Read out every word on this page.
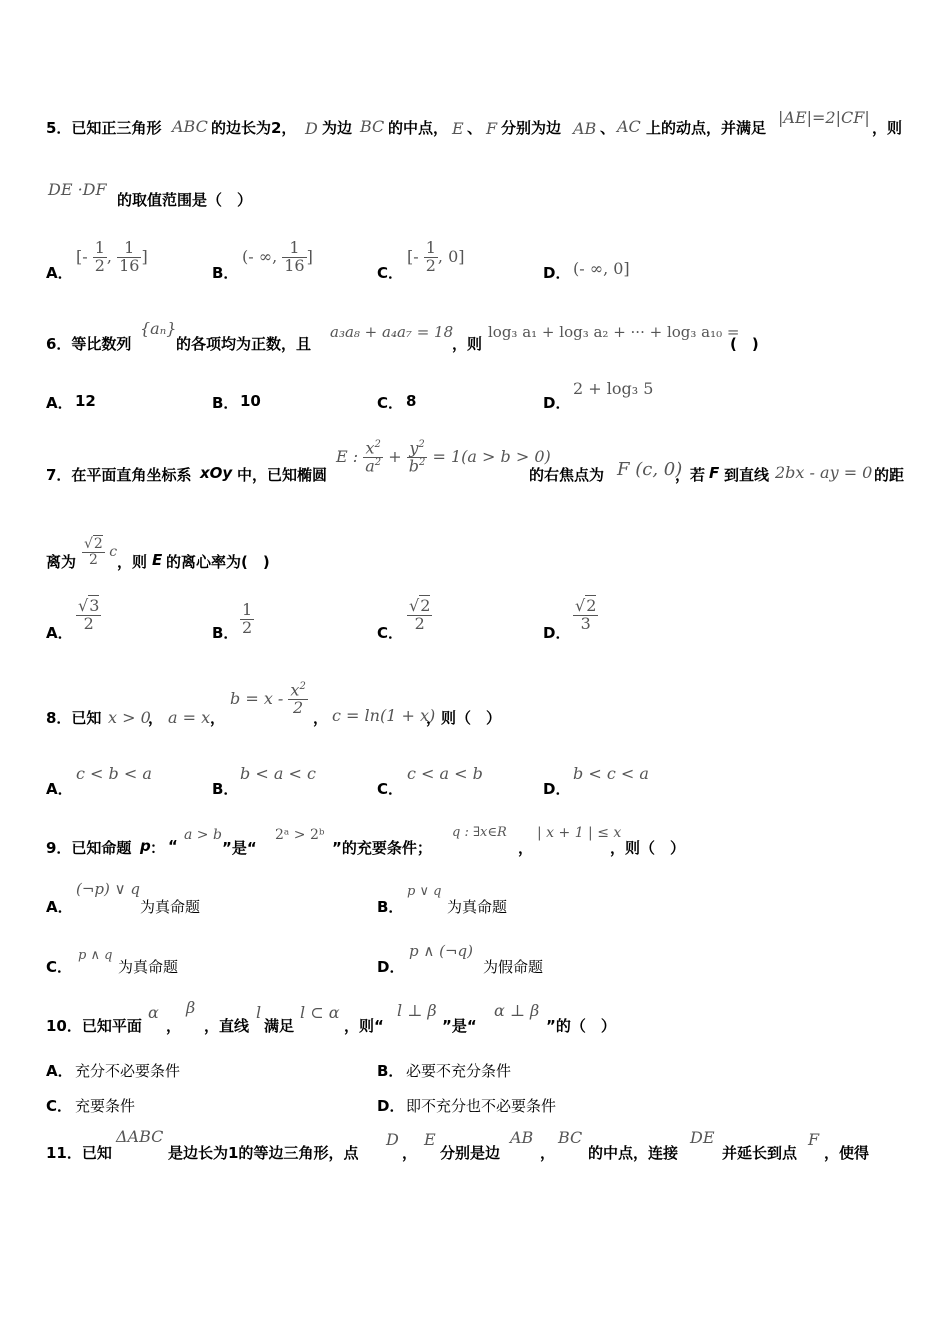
5．已知正三角形 ABC 的边长为2， D 为边 BC 的中点， E 、 F 分别为边 AB 、 AC 上的动点，并满足
|AE|=2|CF|
，则
DE ·DF
的取值范围是（　）
A．
[- $\frac{1}{2}$ , $\frac{1}{16}$ ]
B．
(- ∞, $\frac{1}{16}$ ]
C．
[- $\frac{1}{2}$ , 0]
D． (- ∞, 0]
6．等比数列
{aₙ}
的各项均为正数，且
a₃a₈ + a₄a₇ = 18
，则
log₃ a₁ + log₃ a₂ + ··· + log₃ a₁₀ =
(　)
A． 12	B． 10	C． 8	D．
2 + log₃ 5
7．在平面直角坐标系 xOy 中，已知椭圆
E : $\frac{x^2}{a^2} + \frac{y^2}{b^2} = 1(a > b > 0)$
的右焦点为 F (c, 0)
，若 F 到直线 2bx - ay = 0 的距
离为 $\frac{√2}{2}$ c
，则 E 的离心率为(　)
A．
$\frac{√3}{2}$
B． $\frac{1}{2}$	C．
$\frac{√2}{2}$
D．
$\frac{√2}{3}$
8．已知 x > 0
， a = x ，
$b = x - \frac{x^2}{2}$
， c = ln(1 + x)
，则（　）
A．
c < b < a
B．
b < a < c
C．
c < a < b
D．
b < c < a
9．已知命题 p ： “
a > b
”是“
2ᵃ > 2ᵇ
”的充要条件；
q : ∃x∈R
，
| x + 1 | ≤ x
，则（　）
A．
(¬p) ∨ q
为真命题	B．
p ∨ q
为真命题
C．
p ∧ q
为真命题	D．
p ∧ (¬q)
为假命题
10．已知平面
α
，
β
，直线
l
满足
l ⊂ α
，则“
l ⊥ β
”是“
α ⊥ β
”的（　）
A． 充分不必要条件	B． 必要不充分条件
C． 充要条件	D． 即不充分也不必要条件
11．已知
ΔABC
是边长为1的等边三角形，点
D
，
E
分别是边
AB
，
BC
的中点，连接
DE
并延长到点
F
，使得
